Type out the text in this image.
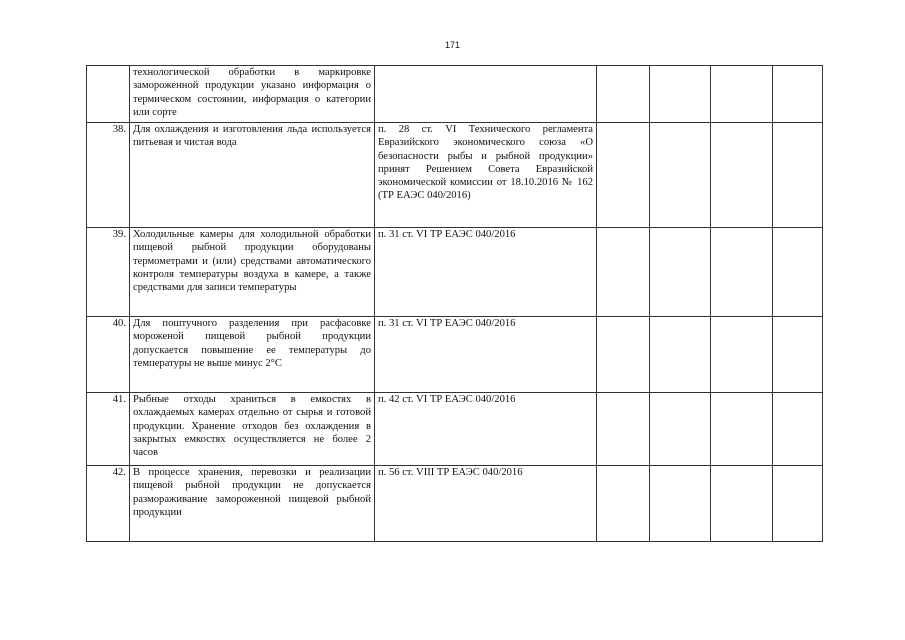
171
	технологической обработки в маркировке замороженной продукции указано информация о термическом состоянии, информация о категории или сорте					
38.	Для охлаждения и изготовления льда используется питьевая и чистая вода	п. 28 ст. VI Технического регламента Евразийского экономического союза «О безопасности рыбы и рыбной продукции» принят Решением Совета Евразийской экономической комиссии от 18.10.2016 № 162 (ТР ЕАЭС 040/2016)				
39.	Холодильные камеры для холодильной обработки пищевой рыбной продукции оборудованы термометрами и (или) средствами автоматического контроля температуры воздуха в камере, а также средствами для записи температуры	п. 31 ст. VI ТР ЕАЭС 040/2016				
40.	Для поштучного разделения при расфасовке мороженой пищевой рыбной продукции допускается повышение ее температуры до температуры не выше минус 2°С	п. 31 ст. VI ТР ЕАЭС 040/2016				
41.	Рыбные отходы храниться в емкостях в охлаждаемых камерах отдельно от сырья и готовой продукции. Хранение отходов без охлаждения в закрытых емкостях осуществляется не более 2 часов	п. 42 ст. VI ТР ЕАЭС 040/2016				
42.	В процессе хранения, перевозки и реализации пищевой рыбной продукции не допускается размораживание замороженной пищевой рыбной продукции	п. 56 ст. VIII ТР ЕАЭС 040/2016				
